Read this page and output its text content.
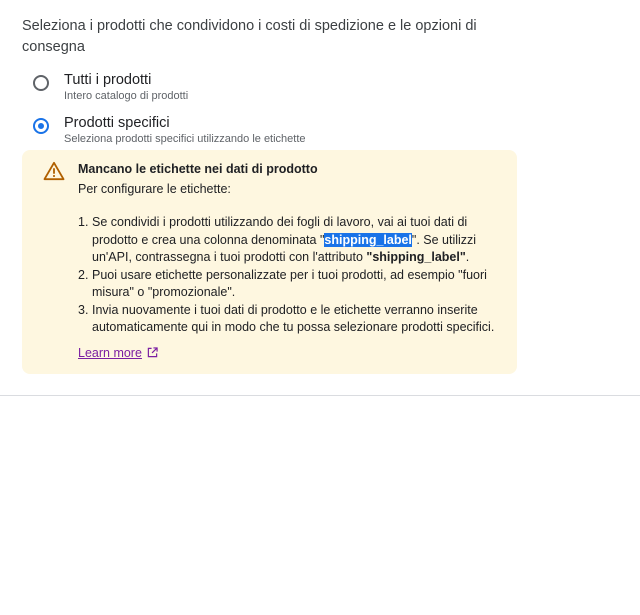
Seleziona i prodotti che condividono i costi di spedizione e le opzioni di consegna
Tutti i prodotti
Intero catalogo di prodotti
Prodotti specifici
Seleziona prodotti specifici utilizzando le etichette
Mancano le etichette nei dati di prodotto
Per configurare le etichette:
1. Se condividi i prodotti utilizzando dei fogli di lavoro, vai ai tuoi dati di prodotto e crea una colonna denominata "shipping_label". Se utilizzi un'API, contrassegna i tuoi prodotti con l'attributo "shipping_label".
2. Puoi usare etichette personalizzate per i tuoi prodotti, ad esempio "fuori misura" o "promozionale".
3. Invia nuovamente i tuoi dati di prodotto e le etichette verranno inserite automaticamente qui in modo che tu possa selezionare prodotti specifici.
Learn more
